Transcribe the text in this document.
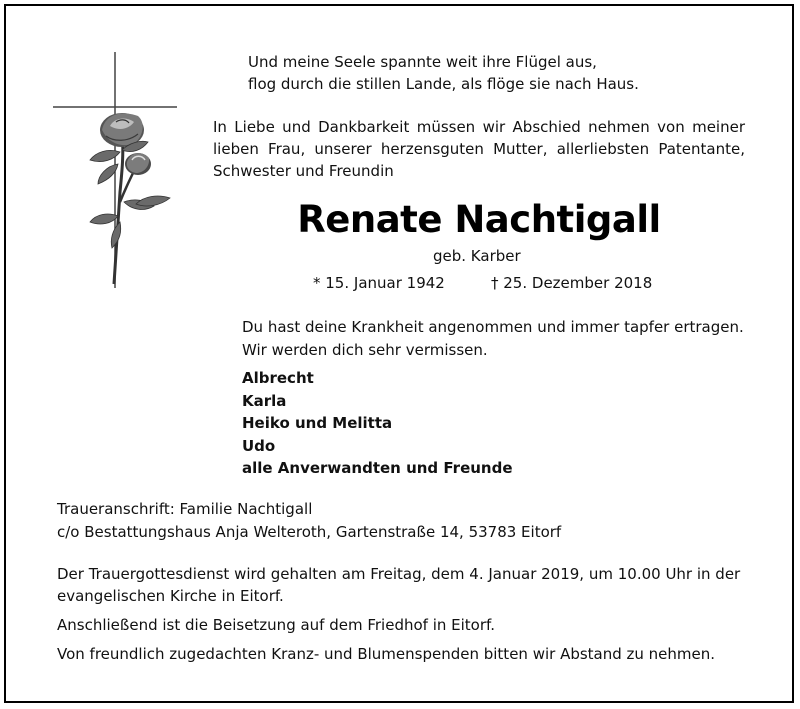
Und meine Seele spannte weit ihre Flügel aus,
flog durch die stillen Lande, als flöge sie nach Haus.
In Liebe und Dankbarkeit müssen wir Abschied nehmen von meiner lieben Frau, unserer herzensguten Mutter, allerliebsten Patentante, Schwester und Freundin
Renate Nachtigall
geb. Karber
* 15. Januar 1942	† 25. Dezember 2018
Du hast deine Krankheit angenommen und immer tapfer ertragen.
Wir werden dich sehr vermissen.
Albrecht
Karla
Heiko und Melitta
Udo
alle Anverwandten und Freunde
Traueranschrift: Familie Nachtigall
c/o Bestattungshaus Anja Welteroth, Gartenstraße 14, 53783 Eitorf
Der Trauergottesdienst wird gehalten am Freitag, dem 4. Januar 2019, um 10.00 Uhr in der evangelischen Kirche in Eitorf.
Anschließend ist die Beisetzung auf dem Friedhof in Eitorf.
Von freundlich zugedachten Kranz- und Blumenspenden bitten wir Abstand zu nehmen.
